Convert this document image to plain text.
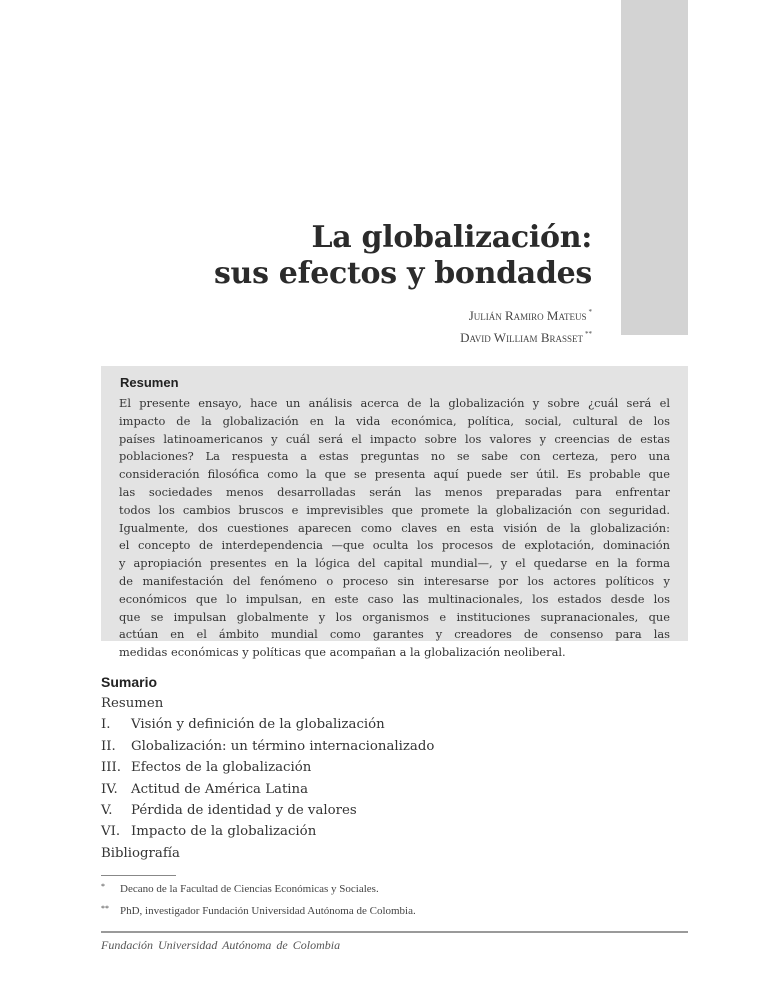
La globalización:
sus efectos y bondades
Julián Ramiro Mateus *
David William Brasset **
Resumen
El presente ensayo, hace un análisis acerca de la globalización y sobre ¿cuál será el
impacto de la globalización en la vida económica, política, social, cultural de los
países latinoamericanos y cuál será el impacto sobre los valores y creencias de estas
poblaciones? La respuesta a estas preguntas no se sabe con certeza, pero una
consideración filosófica como la que se presenta aquí puede ser útil. Es probable que
las sociedades menos desarrolladas serán las menos preparadas para enfrentar
todos los cambios bruscos e imprevisibles que promete la globalización con seguridad.
Igualmente, dos cuestiones aparecen como claves en esta visión de la globalización:
el concepto de interdependencia —que oculta los procesos de explotación, dominación
y apropiación presentes en la lógica del capital mundial—, y el quedarse en la forma
de manifestación del fenómeno o proceso sin interesarse por los actores políticos y
económicos que lo impulsan, en este caso las multinacionales, los estados desde los
que se impulsan globalmente y los organismos e instituciones supranacionales, que
actúan en el ámbito mundial como garantes y creadores de consenso para las
medidas económicas y políticas que acompañan a la globalización neoliberal.
Sumario
Resumen
I.	Visión y definición de la globalización
II.	Globalización: un término internacionalizado
III. Efectos de la globalización
IV. Actitud de América Latina
V.	Pérdida de identidad y de valores
VI. Impacto de la globalización
Bibliografía
* Decano de la Facultad de Ciencias Económicas y Sociales.
** PhD, investigador Fundación Universidad Autónoma de Colombia.
Fundación Universidad Autónoma de Colombia
